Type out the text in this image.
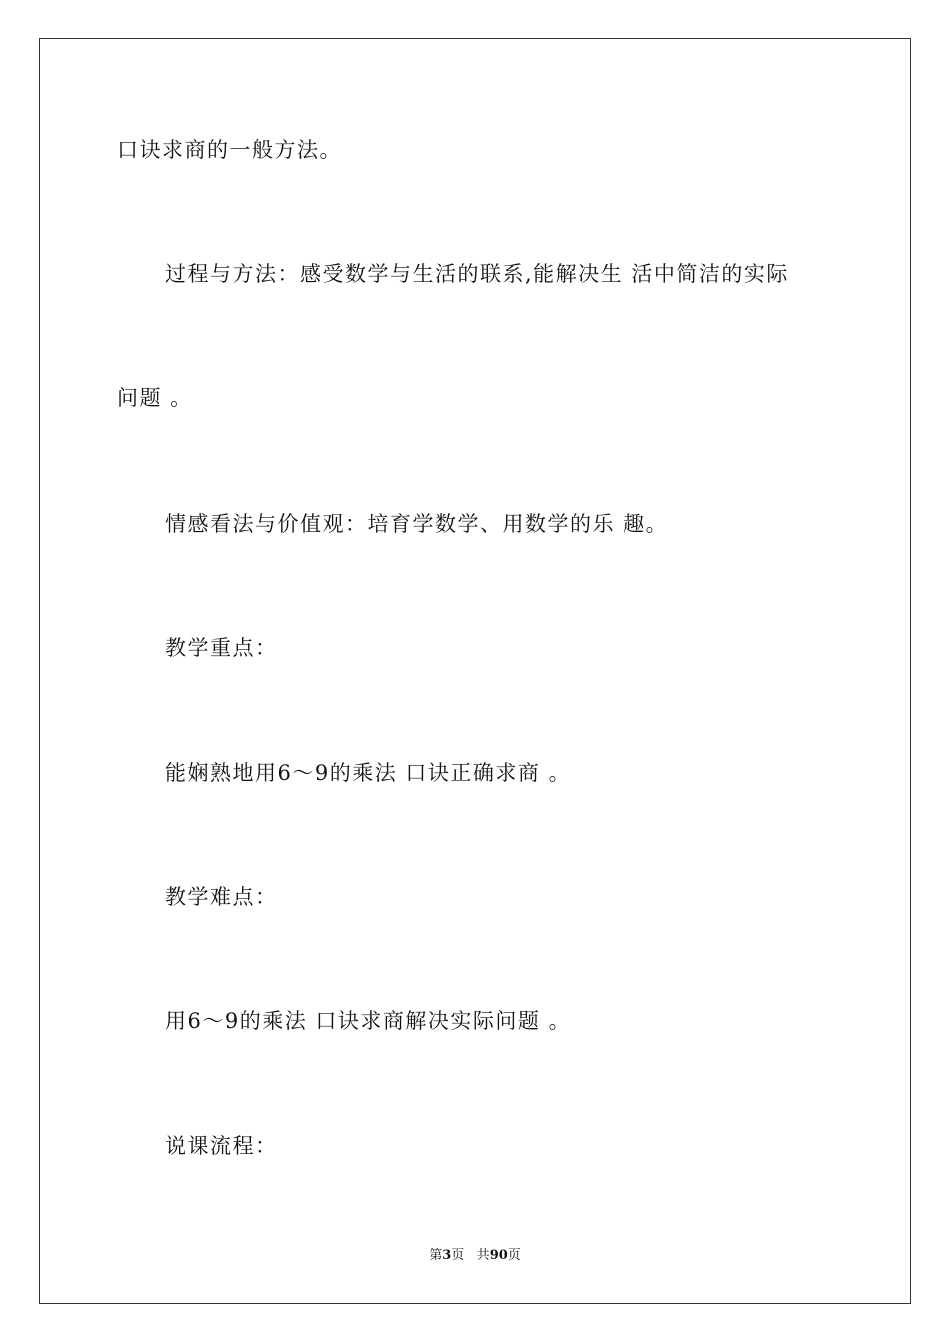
口诀求商的一般方法。
过程与方法：感受数学与生活的联系,能解决生 活中简洁的实际
问题 。
情感看法与价值观：培育学数学、用数学的乐 趣。
教学重点：
能娴熟地用6～9的乘法 口诀正确求商 。
教学难点：
用6～9的乘法 口诀求商解决实际问题 。
说课流程：
第3页 共90页
